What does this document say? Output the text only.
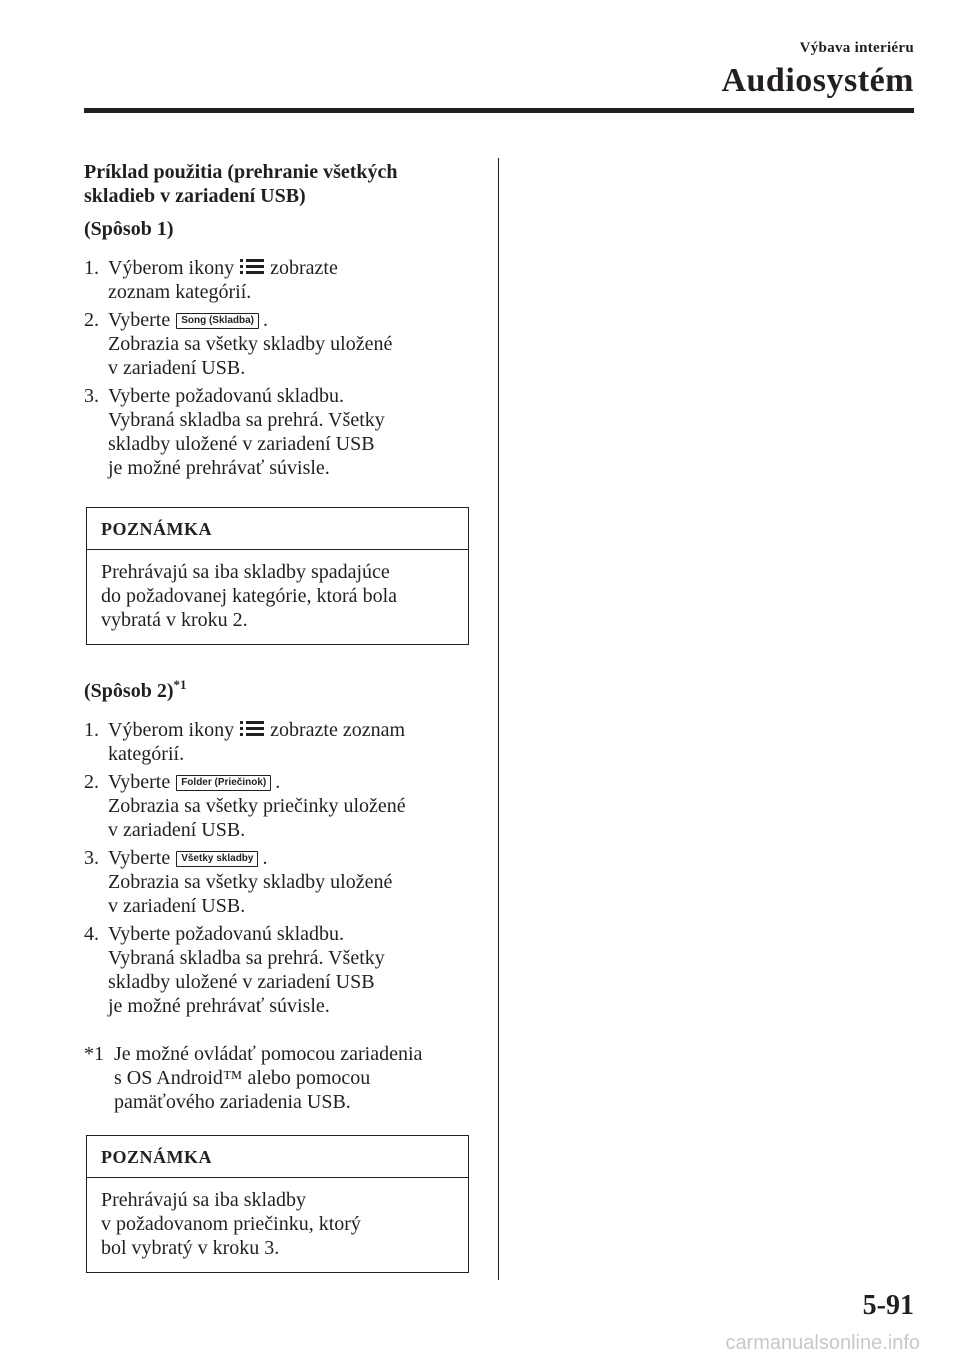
Výbava interiéru
Audiosystém
Príklad použitia (prehranie všetkých
skladieb v zariadení USB)
(Spôsob 1)
1. Výberom ikony zobrazte
zoznam kategórií.
2. Vyberte Song (Skladba) .
Zobrazia sa všetky skladby uložené
v zariadení USB.
3. Vyberte požadovanú skladbu.
Vybraná skladba sa prehrá. Všetky
skladby uložené v zariadení USB
je možné prehrávať súvisle.
POZNÁMKA
Prehrávajú sa iba skladby spadajúce
do požadovanej kategórie, ktorá bola
vybratá v kroku 2.
(Spôsob 2)$^{*1}$
1. Výberom ikony zobrazte zoznam
kategórií.
2. Vyberte Folder (Priečinok) .
Zobrazia sa všetky priečinky uložené
v zariadení USB.
3. Vyberte Všetky skladby .
Zobrazia sa všetky skladby uložené
v zariadení USB.
4. Vyberte požadovanú skladbu.
Vybraná skladba sa prehrá. Všetky
skladby uložené v zariadení USB
je možné prehrávať súvisle.
*1 Je možné ovládať pomocou zariadenia
s OS Android™ alebo pomocou
pamäťového zariadenia USB.
POZNÁMKA
Prehrávajú sa iba skladby
v požadovanom priečinku, ktorý
bol vybratý v kroku 3.
5-91
carmanualsonline.info
